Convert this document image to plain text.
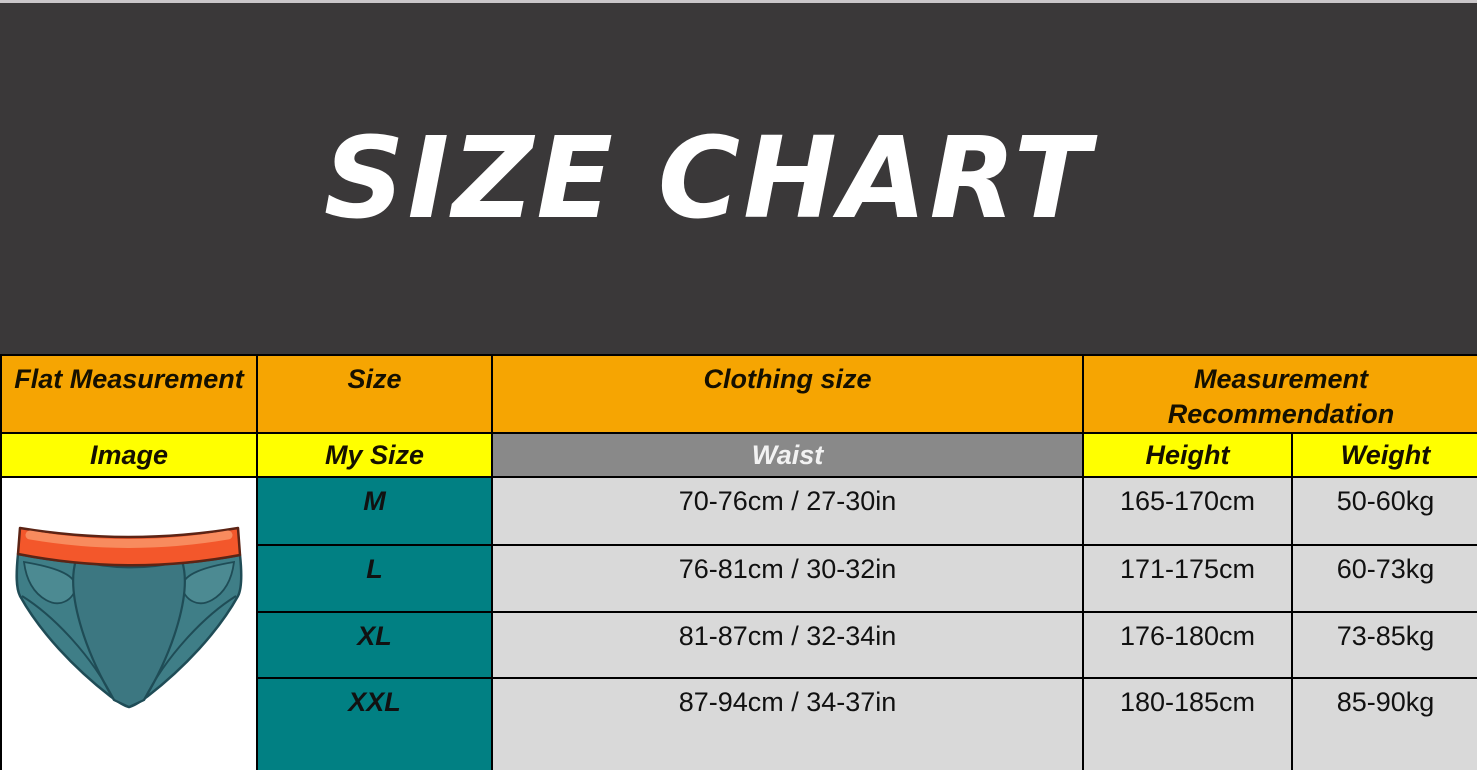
SIZE CHART
Flat Measurement	Size	Clothing size	Measurement Recommendation	

Image	My Size	Waist	Height	Weight

	M	70-76cm / 27-30in	165-170cm	50-60kg
	L	76-81cm / 30-32in	171-175cm	60-73kg
	XL	81-87cm / 32-34in	176-180cm	73-85kg
	XXL	87-94cm / 34-37in	180-185cm	85-90kg
